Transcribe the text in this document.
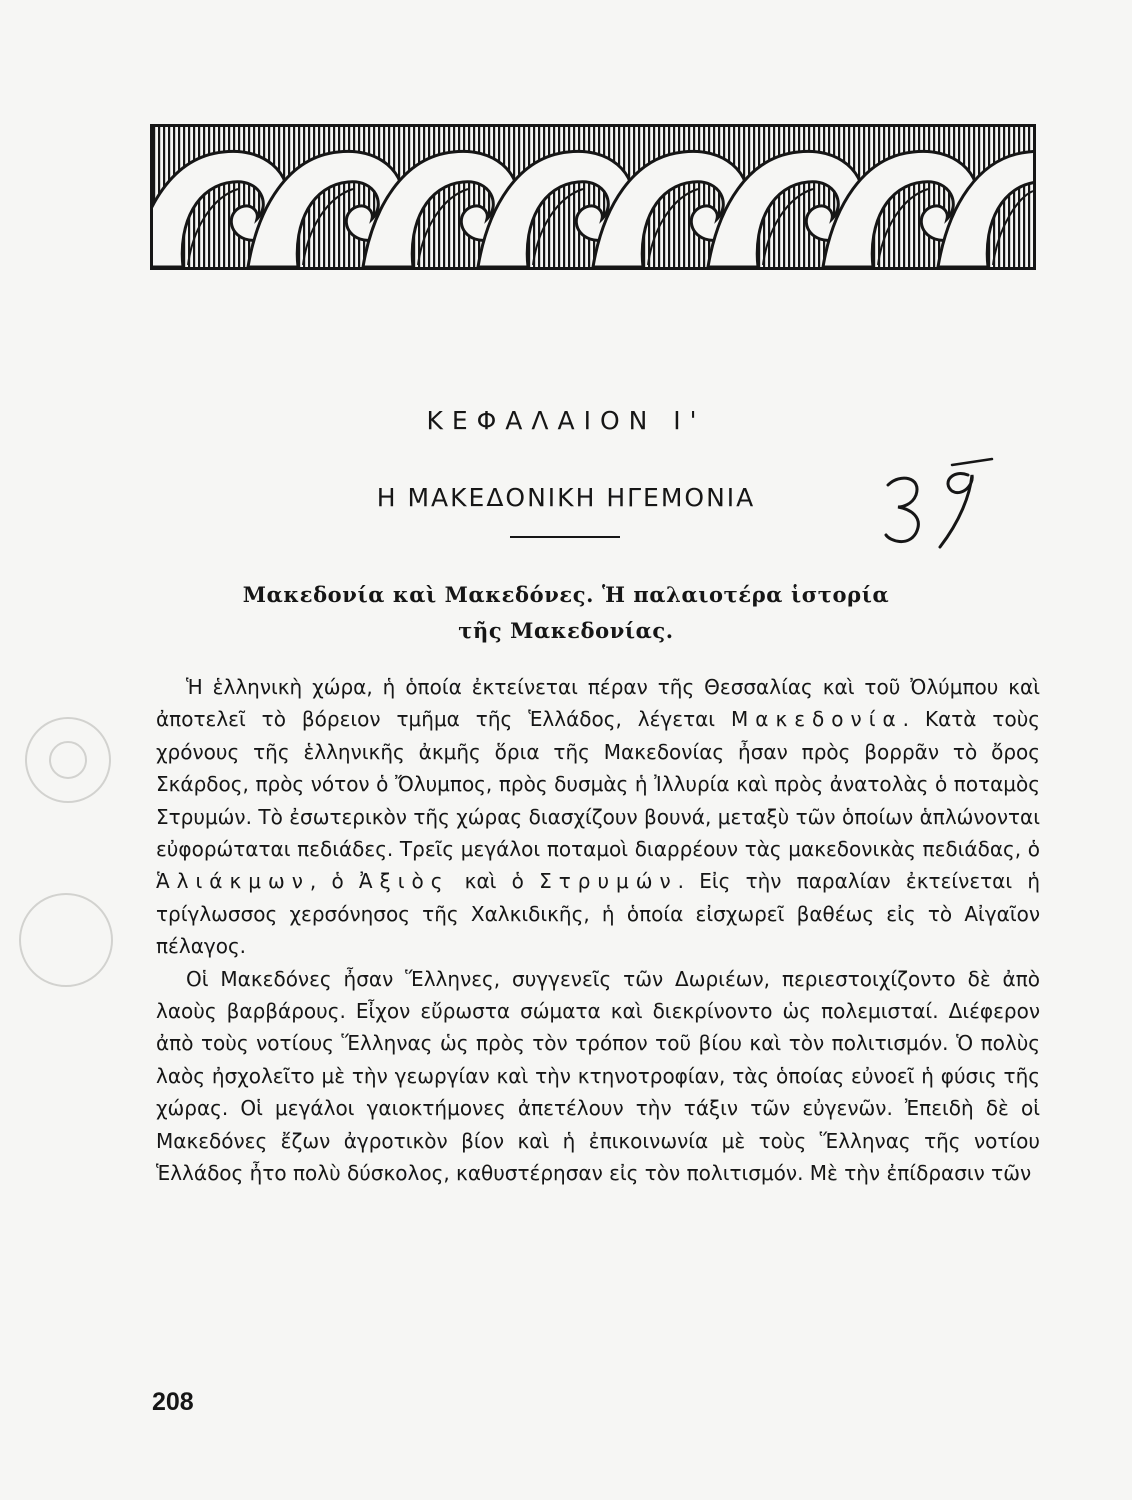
ΚΕΦΑΛΑΙΟΝ Ι'
Η ΜΑΚΕΔΟΝΙΚΗ ΗΓΕΜΟΝΙΑ
Μακεδονία καὶ Μακεδόνες. Ἡ παλαιοτέρα ἱστορία
τῆς Μακεδονίας.

Ἡ ἑλληνικὴ χώρα, ἡ ὁποία ἐκτείνεται πέραν τῆς Θεσσαλίας καὶ τοῦ Ὀλύμπου καὶ ἀποτελεῖ τὸ βόρειον τμῆμα τῆς Ἑλλάδος, λέγεται Μακεδονία. Κατὰ τοὺς χρόνους τῆς ἑλληνικῆς ἀκμῆς ὅρια τῆς Μακεδονίας ἦσαν πρὸς βορρᾶν τὸ ὄρος Σκάρδος, πρὸς νότον ὁ Ὄλυμπος, πρὸς δυσμὰς ἡ Ἰλλυρία καὶ πρὸς ἀνατολὰς ὁ ποταμὸς Στρυμών. Τὸ ἐσωτερικὸν τῆς χώρας διασχίζουν βουνά, μεταξὺ τῶν ὁποίων ἁπλώνονται εὐφορώταται πεδιάδες. Τρεῖς μεγάλοι ποταμοὶ διαρρέουν τὰς μακεδονικὰς πεδιάδας, ὁ Ἁλιάκμων, ὁ Ἀξιὸς καὶ ὁ Στρυμών. Εἰς τὴν παραλίαν ἐκτείνεται ἡ τρίγλωσσος χερσόνησος τῆς Χαλκιδικῆς, ἡ ὁποία εἰσχωρεῖ βαθέως εἰς τὸ Αἰγαῖον πέλαγος.

Οἱ Μακεδόνες ἦσαν Ἕλληνες, συγγενεῖς τῶν Δωριέων, περιεστοιχίζοντο δὲ ἀπὸ λαοὺς βαρβάρους. Εἶχον εὔρωστα σώματα καὶ διεκρίνοντο ὡς πολεμισταί. Διέφερον ἀπὸ τοὺς νοτίους Ἕλληνας ὡς πρὸς τὸν τρόπον τοῦ βίου καὶ τὸν πολιτισμόν. Ὁ πολὺς λαὸς ἠσχολεῖτο μὲ τὴν γεωργίαν καὶ τὴν κτηνοτροφίαν, τὰς ὁποίας εὐνοεῖ ἡ φύσις τῆς χώρας. Οἱ μεγάλοι γαιοκτήμονες ἀπετέλουν τὴν τάξιν τῶν εὐγενῶν. Ἐπειδὴ δὲ οἱ Μακεδόνες ἔζων ἀγροτικὸν βίον καὶ ἡ ἐπικοινωνία μὲ τοὺς Ἕλληνας τῆς νοτίου Ἑλλάδος ἦτο πολὺ δύσκολος, καθυστέρησαν εἰς τὸν πολιτισμόν. Μὲ τὴν ἐπίδρασιν τῶν

208
